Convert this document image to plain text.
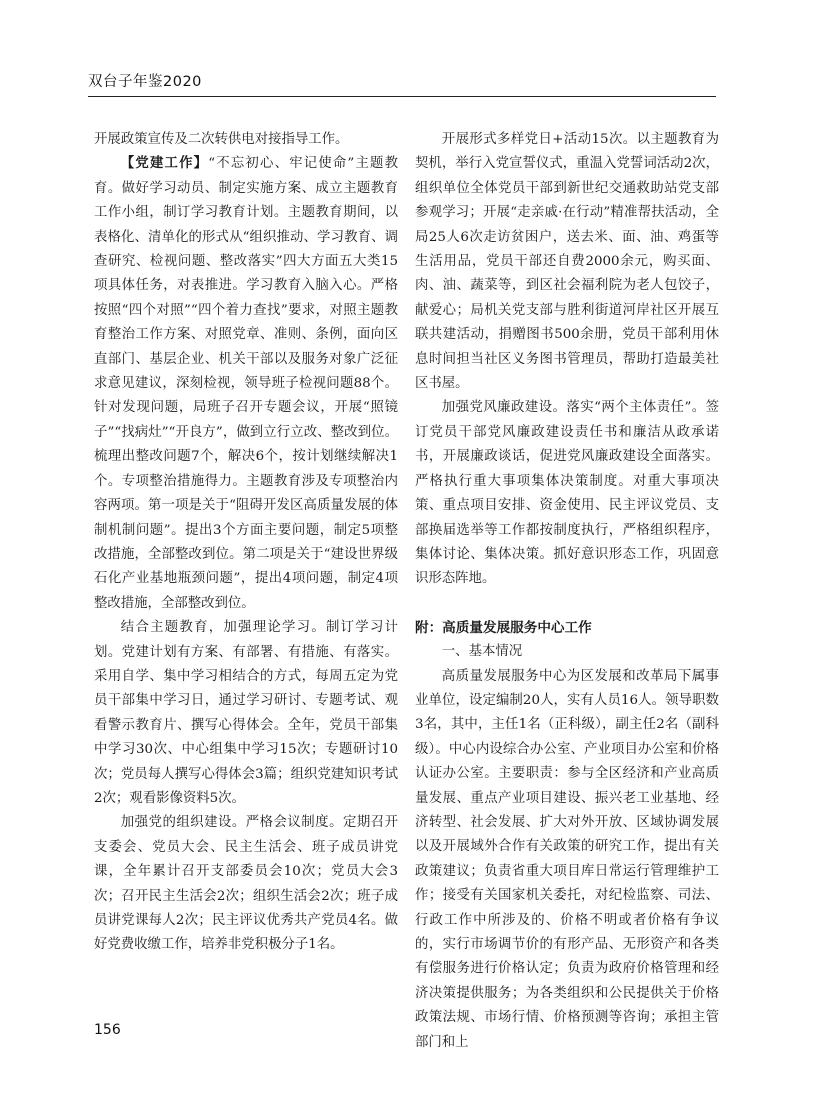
双台子年鉴2020

开展政策宣传及二次转供电对接指导工作。

【党建工作】“不忘初心、牢记使命”主题教育。做好学习动员、制定实施方案、成立主题教育工作小组，制订学习教育计划。主题教育期间，以表格化、清单化的形式从“组织推动、学习教育、调查研究、检视问题、整改落实”四大方面五大类15项具体任务，对表推进。学习教育入脑入心。严格按照“四个对照”“四个着力查找”要求，对照主题教育整治工作方案、对照党章、准则、条例，面向区直部门、基层企业、机关干部以及服务对象广泛征求意见建议，深刻检视，领导班子检视问题88个。针对发现问题，局班子召开专题会议，开展“照镜子”“找病灶”“开良方”，做到立行立改、整改到位。梳理出整改问题7个，解决6个，按计划继续解决1个。专项整治措施得力。主题教育涉及专项整治内容两项。第一项是关于“阻碍开发区高质量发展的体制机制问题”。提出3个方面主要问题，制定5项整改措施，全部整改到位。第二项是关于“建设世界级石化产业基地瓶颈问题”，提出4项问题，制定4项整改措施，全部整改到位。

结合主题教育，加强理论学习。制订学习计划。党建计划有方案、有部署、有措施、有落实。采用自学、集中学习相结合的方式，每周五定为党员干部集中学习日，通过学习研讨、专题考试、观看警示教育片、撰写心得体会。全年，党员干部集中学习30次、中心组集中学习15次；专题研讨10次；党员每人撰写心得体会3篇；组织党建知识考试2次；观看影像资料5次。

加强党的组织建设。严格会议制度。定期召开支委会、党员大会、民主生活会、班子成员讲党课，全年累计召开支部委员会10次；党员大会3次；召开民主生活会2次；组织生活会2次；班子成员讲党课每人2次；民主评议优秀共产党员4名。做好党费收缴工作，培养非党积极分子1名。

开展形式多样党日+活动15次。以主题教育为契机，举行入党宣誓仪式，重温入党誓词活动2次，组织单位全体党员干部到新世纪交通救助站党支部参观学习；开展“走亲戚·在行动”精准帮扶活动，全局25人6次走访贫困户，送去米、面、油、鸡蛋等生活用品，党员干部还自费2000余元，购买面、肉、油、蔬菜等，到区社会福利院为老人包饺子，献爱心；局机关党支部与胜利街道河岸社区开展互联共建活动，捐赠图书500余册，党员干部利用休息时间担当社区义务图书管理员，帮助打造最美社区书屋。

加强党风廉政建设。落实“两个主体责任”。签订党员干部党风廉政建设责任书和廉洁从政承诺书，开展廉政谈话，促进党风廉政建设全面落实。严格执行重大事项集体决策制度。对重大事项决策、重点项目安排、资金使用、民主评议党员、支部换届选举等工作都按制度执行，严格组织程序，集体讨论、集体决策。抓好意识形态工作，巩固意识形态阵地。

附：高质量发展服务中心工作

一、基本情况

高质量发展服务中心为区发展和改革局下属事业单位，设定编制20人，实有人员16人。领导职数3名，其中，主任1名（正科级），副主任2名（副科级）。中心内设综合办公室、产业项目办公室和价格认证办公室。主要职责：参与全区经济和产业高质量发展、重点产业项目建设、振兴老工业基地、经济转型、社会发展、扩大对外开放、区域协调发展以及开展域外合作有关政策的研究工作，提出有关政策建议；负责省重大项目库日常运行管理维护工作；接受有关国家机关委托，对纪检监察、司法、行政工作中所涉及的、价格不明或者价格有争议的，实行市场调节价的有形产品、无形资产和各类有偿服务进行价格认定；负责为政府价格管理和经济决策提供服务；为各类组织和公民提供关于价格政策法规、市场行情、价格预测等咨询；承担主管部门和上

156
